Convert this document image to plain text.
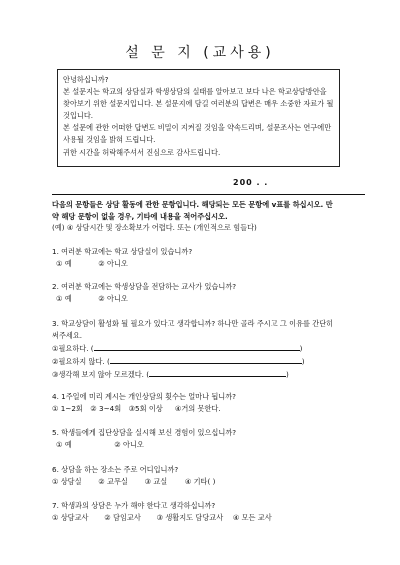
설 문 지 (교사용)
안녕하십니까?
본 설문지는 학교의 상담실과 학생상담의 실태를 알아보고 보다 나은 학교상담방안을
찾아보기 위한 설문지입니다. 본 설문지에 담길 여러분의 답변은 매우 소중한 자료가 될
것입니다.
본 설문에 관한 어떠한 답변도 비밀이 지켜질 것임을 약속드리며, 설문조사는 연구에만
사용될 것임을 밝혀 드립니다.
귀한 시간을 허락해주셔서 진심으로 감사드립니다.
200 . .
다음의 문항들은 상담 활동에 관한 문항입니다. 해당되는 모든 문항에 v표를 하십시오. 만
약 해당 문항이 없을 경우, 기타에 내용을 적어주십시오.
(예) ④ 상담시간 및 장소확보가 어렵다. 또는 (개인적으로 힘들다)
1. 여러분 학교에는 학교 상담실이 있습니까?
① 예	② 아니오
2. 여러분 학교에는 학생상담을 전담하는 교사가 있습니까?
① 예	② 아니오
3. 학교상담이 활성화 될 필요가 있다고 생각합니까? 하나만 골라 주시고 그 이유를 간단히
써주세요.
①필요하다. (	)
②필요하지 않다. (	)
③생각해 보지 않아 모르겠다. (	)
4. 1주일에 미리 계시는 개인상담의 횟수는 얼마나 됩니까?
① 1~2회 ② 3~4회 ③5회 이상 ④거의 못한다.
5. 학생들에게 집단상담을 실시해 보신 경험이 있으십니까?
① 예	② 아니오
6. 상담을 하는 장소는 주로 어디입니까?
① 상담실 ② 교무실 ③ 교실 ④ 기타( )
7. 학생과의 상담은 누가 해야 한다고 생각하십니까?
① 상담교사 ② 담임교사 ③ 생활지도 담당교사 ④ 모든 교사
